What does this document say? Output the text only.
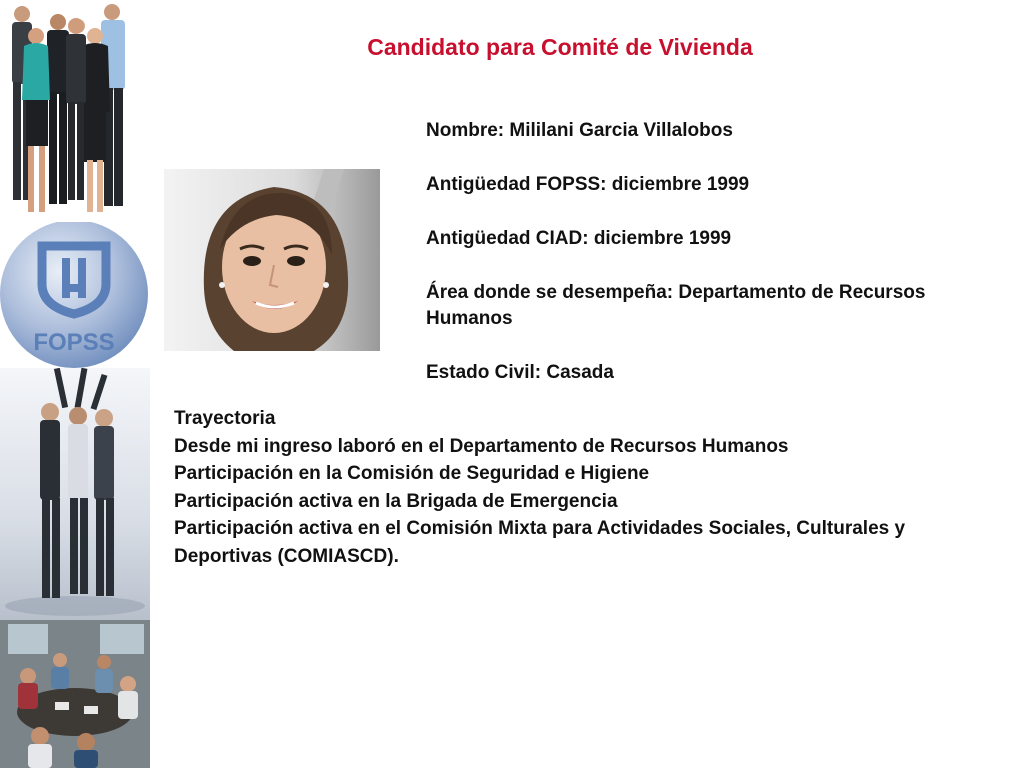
FOPSS
Candidato para Comité de Vivienda

Nombre: Mililani Garcia Villalobos

Antigüedad FOPSS: diciembre 1999

Antigüedad CIAD: diciembre 1999

Área donde se desempeña: Departamento de Recursos Humanos

Estado Civil: Casada

Trayectoria

Desde mi ingreso laboró en el Departamento de Recursos Humanos

Participación en la Comisión de Seguridad e Higiene

Participación activa en la Brigada de Emergencia

Participación activa en el Comisión Mixta para Actividades Sociales, Culturales y Deportivas (COMIASCD).
